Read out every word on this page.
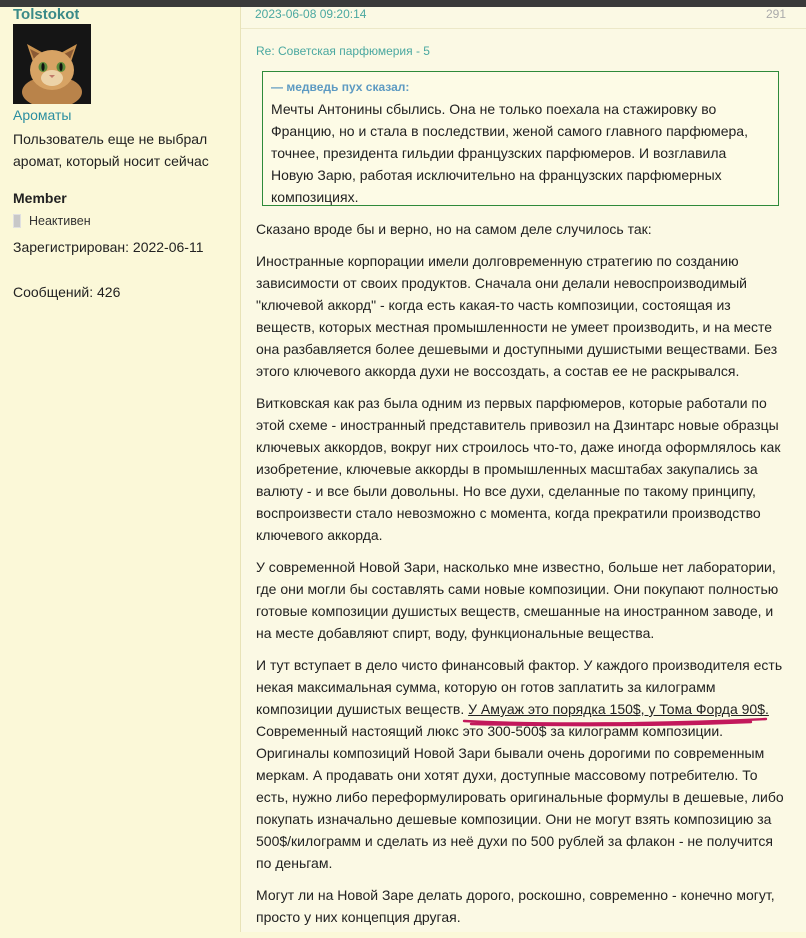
Tolstokot
Ароматы
Пользователь еще не выбрал аромат, который носит сейчас
Member
Неактивен
Зарегистрирован: 2022-06-11
Сообщений: 426
2023-06-08 09:20:14	291
Re: Советская парфюмерия - 5
— медведь пух сказал:
Мечты Антонины сбылись. Она не только поехала на стажировку во Францию, но и стала в последствии, женой самого главного парфюмера, точнее, президента гильдии французских парфюмеров. И возглавила Новую Зарю, работая исключительно на французских парфюмерных композициях.

Сказано вроде бы и верно, но на самом деле случилось так:

Иностранные корпорации имели долговременную стратегию по созданию зависимости от своих продуктов. Сначала они делали невоспроизводимый "ключевой аккорд" - когда есть какая-то часть композиции, состоящая из веществ, которых местная промышленности не умеет производить, и на месте она разбавляется более дешевыми и доступными душистыми веществами. Без этого ключевого аккорда духи не воссоздать, а состав ее не раскрывался.

Витковская как раз была одним из первых парфюмеров, которые работали по этой схеме - иностранный представитель привозил на Дзинтарс новые образцы ключевых аккордов, вокруг них строилось что-то, даже иногда оформлялось как изобретение, ключевые аккорды в промышленных масштабах закупались за валюту - и все были довольны. Но все духи, сделанные по такому принципу, воспроизвести стало невозможно с момента, когда прекратили производство ключевого аккорда.

У современной Новой Зари, насколько мне известно, больше нет лаборатории, где они могли бы составлять сами новые композиции. Они покупают полностью готовые композиции душистых веществ, смешанные на иностранном заводе, и на месте добавляют спирт, воду, функциональные вещества.

И тут вступает в дело чисто финансовый фактор. У каждого производителя есть некая максимальная сумма, которую он готов заплатить за килограмм композиции душистых веществ. У Амуаж это порядка 150$, у Тома Форда 90$. Современный настоящий люкс это 300-500$ за килограмм композиции. Оригиналы композиций Новой Зари бывали очень дорогими по современным меркам. А продавать они хотят духи, доступные массовому потребителю. То есть, нужно либо переформулировать оригинальные формулы в дешевые, либо покупать изначально дешевые композиции. Они не могут взять композицию за 500$/килограмм и сделать из неё духи по 500 рублей за флакон - не получится по деньгам.

Могут ли на Новой Заре делать дорого, роскошно, современно - конечно могут, просто у них концепция другая.
